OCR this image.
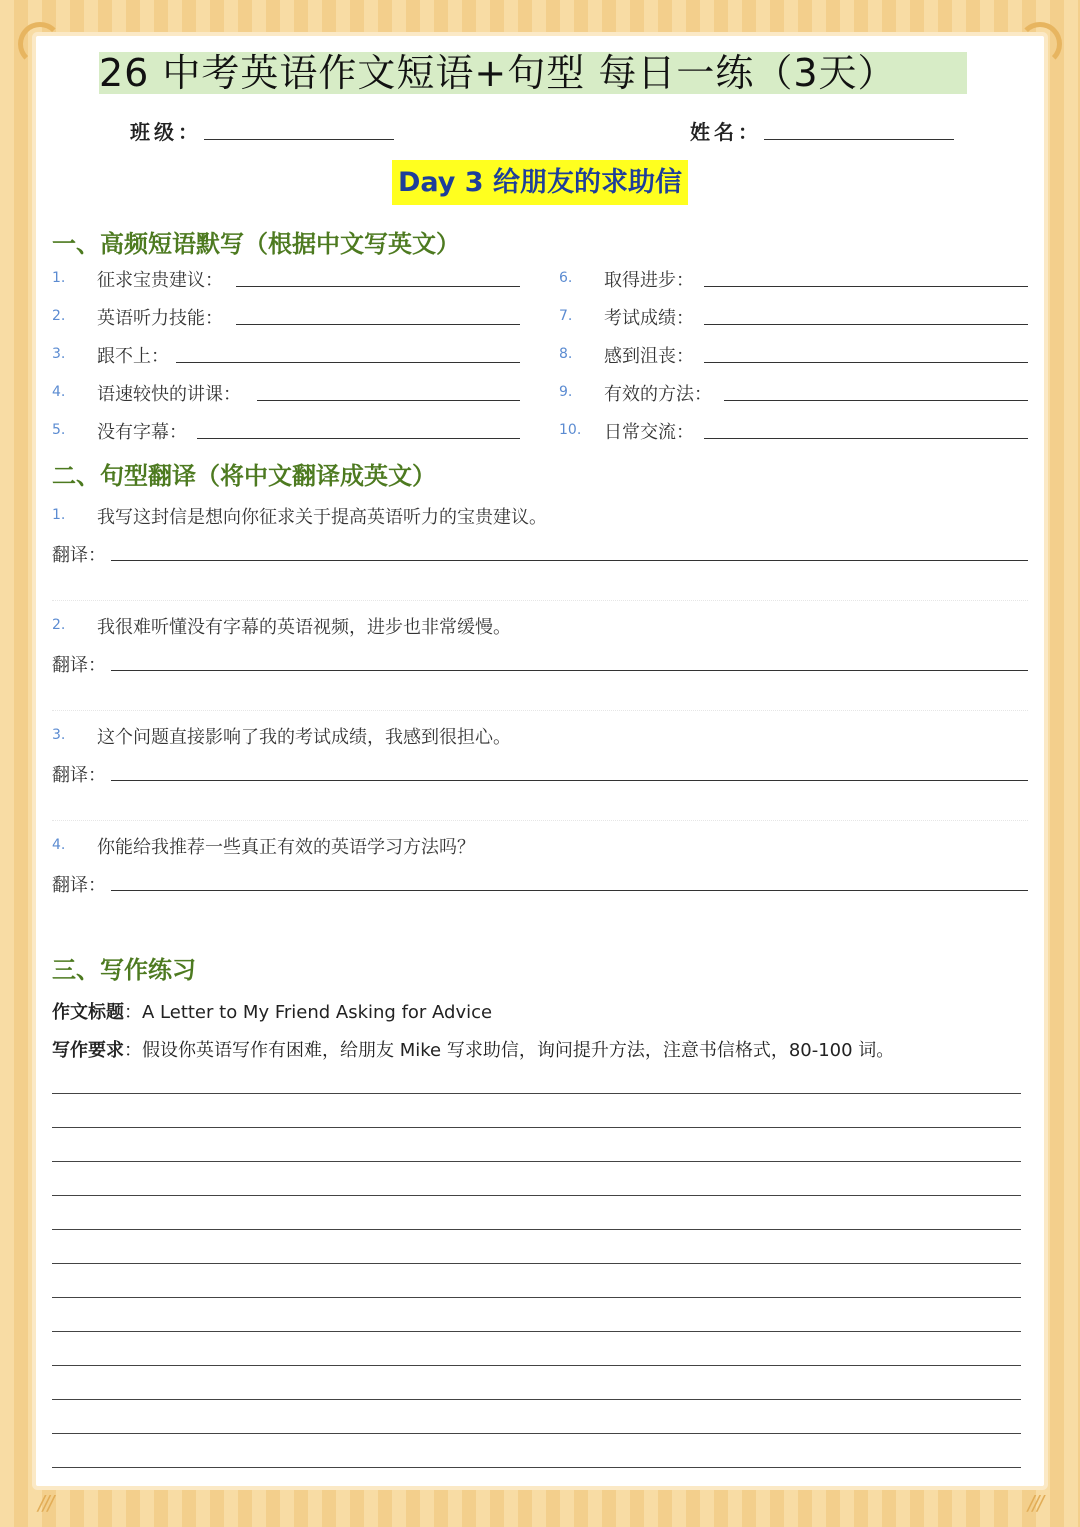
///	///
26 中考英语作文短语+句型 每日一练（3天）
班级：	姓名：
Day 3 给朋友的求助信
一、高频短语默写（根据中文写英文）
1. 征求宝贵建议：
2. 英语听力技能：
3. 跟不上：
4. 语速较快的讲课：
5. 没有字幕：
6. 取得进步：
7. 考试成绩：
8. 感到沮丧：
9. 有效的方法：
10. 日常交流：
二、句型翻译（将中文翻译成英文）
1. 我写这封信是想向你征求关于提高英语听力的宝贵建议。
翻译：
2. 我很难听懂没有字幕的英语视频，进步也非常缓慢。
翻译：
3. 这个问题直接影响了我的考试成绩，我感到很担心。
翻译：
4. 你能给我推荐一些真正有效的英语学习方法吗？
翻译：
三、写作练习
作文标题：A Letter to My Friend Asking for Advice
写作要求：假设你英语写作有困难，给朋友 Mike 写求助信，询问提升方法，注意书信格式，80-100 词。
